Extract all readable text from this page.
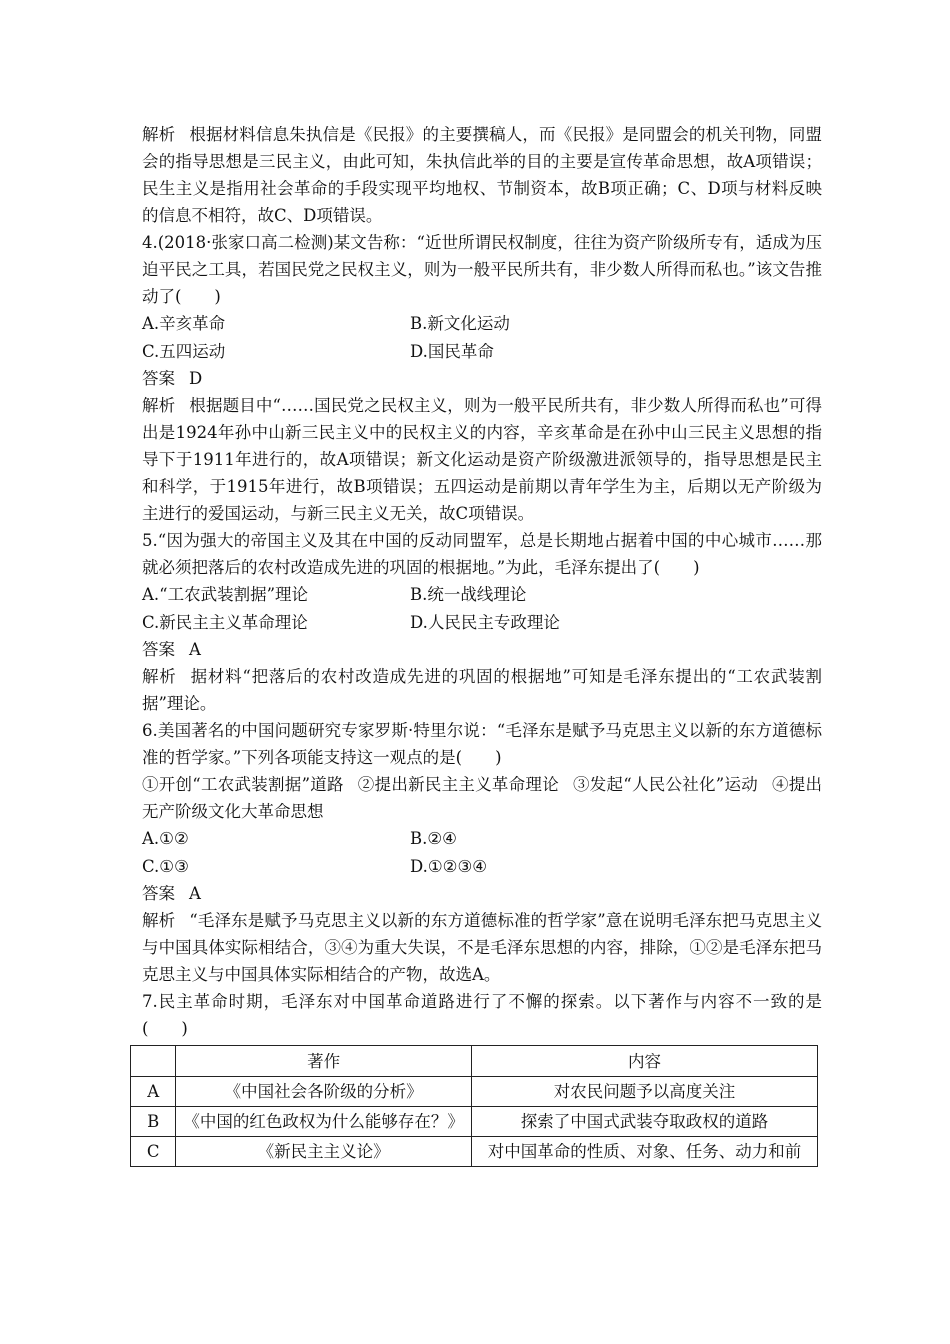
解析 根据材料信息朱执信是《民报》的主要撰稿人，而《民报》是同盟会的机关刊物，同盟会的指导思想是三民主义，由此可知，朱执信此举的目的主要是宣传革命思想，故A项错误；民生主义是指用社会革命的手段实现平均地权、节制资本，故B项正确；C、D项与材料反映的信息不相符，故C、D项错误。

4.(2018·张家口高二检测)某文告称：“近世所谓民权制度，往往为资产阶级所专有，适成为压迫平民之工具，若国民党之民权主义，则为一般平民所共有，非少数人所得而私也。”该文告推动了(　　)

A.辛亥革命	B.新文化运动
C.五四运动	D.国民革命

答案 D

解析 根据题目中“……国民党之民权主义，则为一般平民所共有，非少数人所得而私也”可得出是1924年孙中山新三民主义中的民权主义的内容，辛亥革命是在孙中山三民主义思想的指导下于1911年进行的，故A项错误；新文化运动是资产阶级激进派领导的，指导思想是民主和科学，于1915年进行，故B项错误；五四运动是前期以青年学生为主，后期以无产阶级为主进行的爱国运动，与新三民主义无关，故C项错误。

5.“因为强大的帝国主义及其在中国的反动同盟军，总是长期地占据着中国的中心城市……那就必须把落后的农村改造成先进的巩固的根据地。”为此，毛泽东提出了(　　)

A.“工农武装割据”理论	B.统一战线理论
C.新民主主义革命理论	D.人民民主专政理论

答案 A

解析 据材料“把落后的农村改造成先进的巩固的根据地”可知是毛泽东提出的“工农武装割据”理论。

6.美国著名的中国问题研究专家罗斯·特里尔说：“毛泽东是赋予马克思主义以新的东方道德标准的哲学家。”下列各项能支持这一观点的是(　　)

①开创“工农武装割据”道路 ②提出新民主主义革命理论 ③发起“人民公社化”运动 ④提出无产阶级文化大革命思想

A.①②	B.②④
C.①③	D.①②③④

答案 A

解析 “毛泽东是赋予马克思主义以新的东方道德标准的哲学家”意在说明毛泽东把马克思主义与中国具体实际相结合，③④为重大失误，不是毛泽东思想的内容，排除，①②是毛泽东把马克思主义与中国具体实际相结合的产物，故选A。

7.民主革命时期，毛泽东对中国革命道路进行了不懈的探索。以下著作与内容不一致的是(　　)

	著作	内容
A	《中国社会各阶级的分析》	对农民问题予以高度关注
B	《中国的红色政权为什么能够存在？》	探索了中国式武装夺取政权的道路
C	《新民主主义论》	对中国革命的性质、对象、任务、动力和前
